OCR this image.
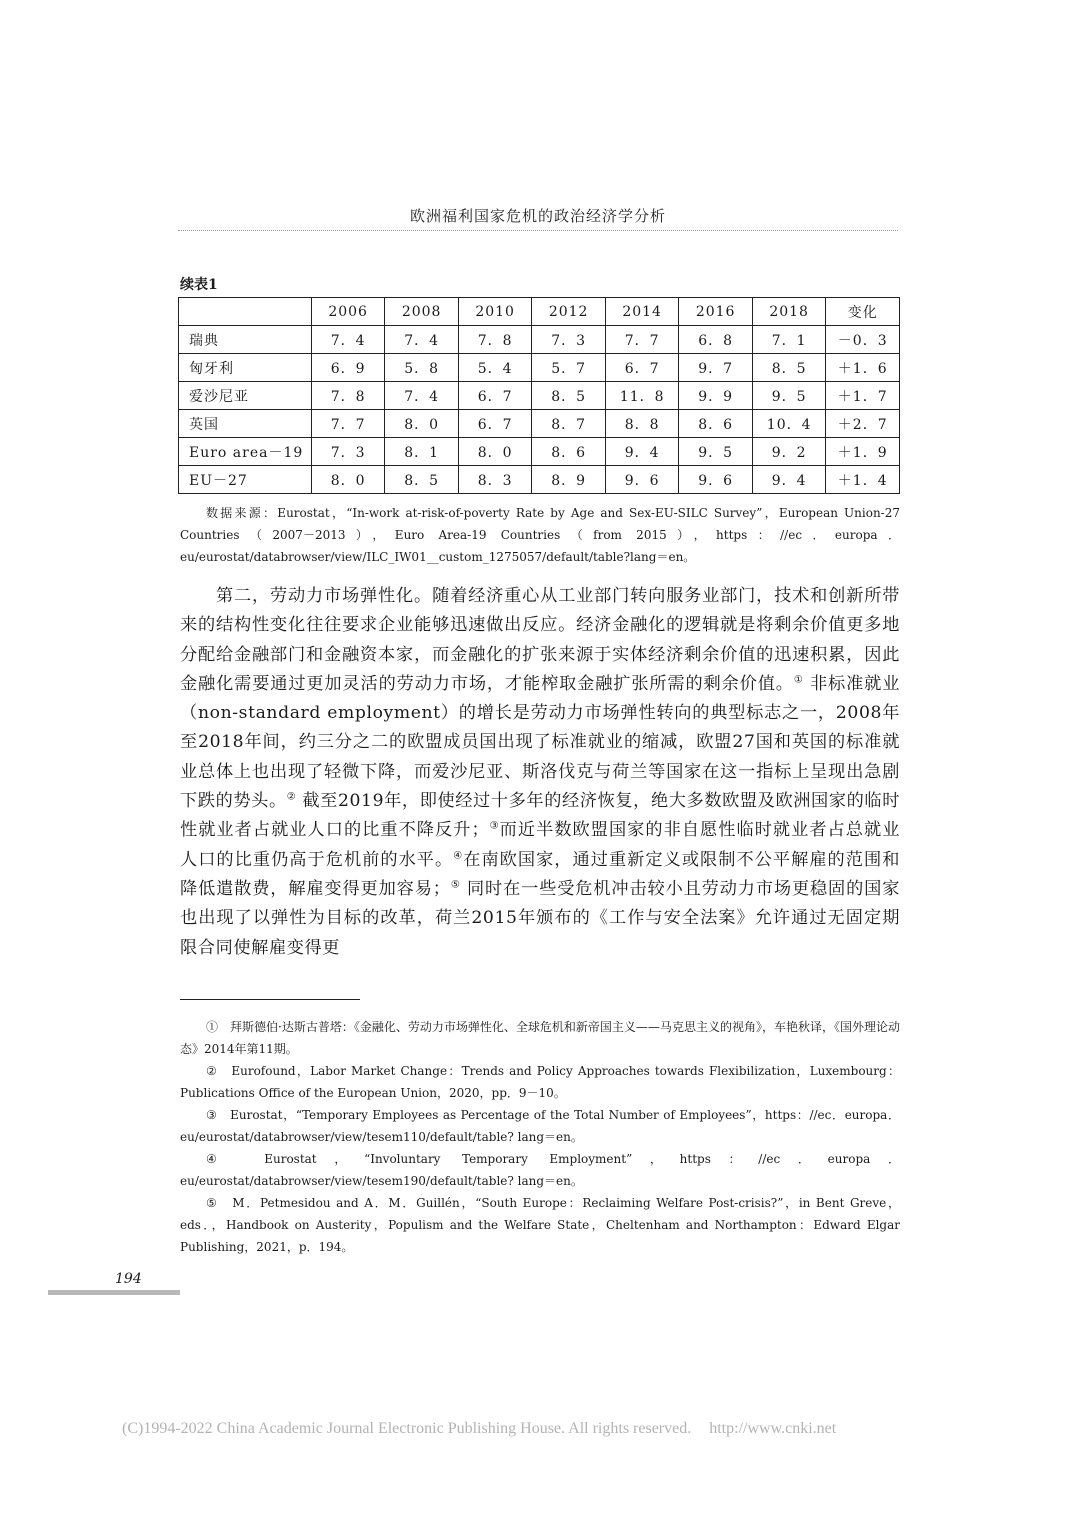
欧洲福利国家危机的政治经济学分析
续表1
	2006	2008	2010	2012	2014	2016	2018	变化
瑞典	7．4	7．4	7．8	7．3	7．7	6．8	7．1	－0．3
匈牙利	6．9	5．8	5．4	5．7	6．7	9．7	8．5	＋1．6
爱沙尼亚	7．8	7．4	6．7	8．5	11．8	9．9	9．5	＋1．7
英国	7．7	8．0	6．7	8．7	8．8	8．6	10．4	＋2．7
Euro area－19	7．3	8．1	8．0	8．6	9．4	9．5	9．2	＋1．9
EU－27	8．0	8．5	8．3	8．9	9．6	9．6	9．4	＋1．4
数据来源：Eurostat，“In-work at-risk-of-poverty Rate by Age and Sex-EU-SILC Survey”，European Union-27 Countries（2007－2013），Euro Area-19 Countries（from 2015），https：//ec．europa．eu/eurostat/databrowser/view/ILC_IW01__custom_1275057/default/table?lang＝en。
第二，劳动力市场弹性化。随着经济重心从工业部门转向服务业部门，技术和创新所带来的结构性变化往往要求企业能够迅速做出反应。经济金融化的逻辑就是将剩余价值更多地分配给金融部门和金融资本家，而金融化的扩张来源于实体经济剩余价值的迅速积累，因此金融化需要通过更加灵活的劳动力市场，才能榨取金融扩张所需的剩余价值。① 非标准就业（non-standard employment）的增长是劳动力市场弹性转向的典型标志之一，2008年至2018年间，约三分之二的欧盟成员国出现了标准就业的缩减，欧盟27国和英国的标准就业总体上也出现了轻微下降，而爱沙尼亚、斯洛伐克与荷兰等国家在这一指标上呈现出急剧下跌的势头。② 截至2019年，即使经过十多年的经济恢复，绝大多数欧盟及欧洲国家的临时性就业者占就业人口的比重不降反升；③而近半数欧盟国家的非自愿性临时就业者占总就业人口的比重仍高于危机前的水平。④在南欧国家，通过重新定义或限制不公平解雇的范围和降低遣散费，解雇变得更加容易；⑤ 同时在一些受危机冲击较小且劳动力市场更稳固的国家也出现了以弹性为目标的改革，荷兰2015年颁布的《工作与安全法案》允许通过无固定期限合同使解雇变得更

①　 拜斯德伯·达斯古普塔：《金融化、劳动力市场弹性化、全球危机和新帝国主义——马克思主义的视角》，车艳秋译，《国外理论动态》2014年第11期。

②　 Eurofound，Labor Market Change：Trends and Policy Approaches towards Flexibilization，Luxembourg：Publications Office of the European Union，2020，pp．9－10。

③　 Eurostat，“Temporary Employees as Percentage of the Total Number of Employees”，https：//ec．europa．eu/eurostat/databrowser/view/tesem110/default/table? lang＝en。

④　 Eurostat，“Involuntary Temporary Employment”，https：//ec．europa．eu/eurostat/databrowser/view/tesem190/default/table? lang＝en。

⑤　 M．Petmesidou and A．M．Guillén，“South Europe：Reclaiming Welfare Post-crisis?”，in Bent Greve，eds．，Handbook on Austerity，Populism and the Welfare State，Cheltenham and Northampton：Edward Elgar Publishing，2021，p．194。

194
(C)1994-2022 China Academic Journal Electronic Publishing House. All rights reserved. http://www.cnki.net
